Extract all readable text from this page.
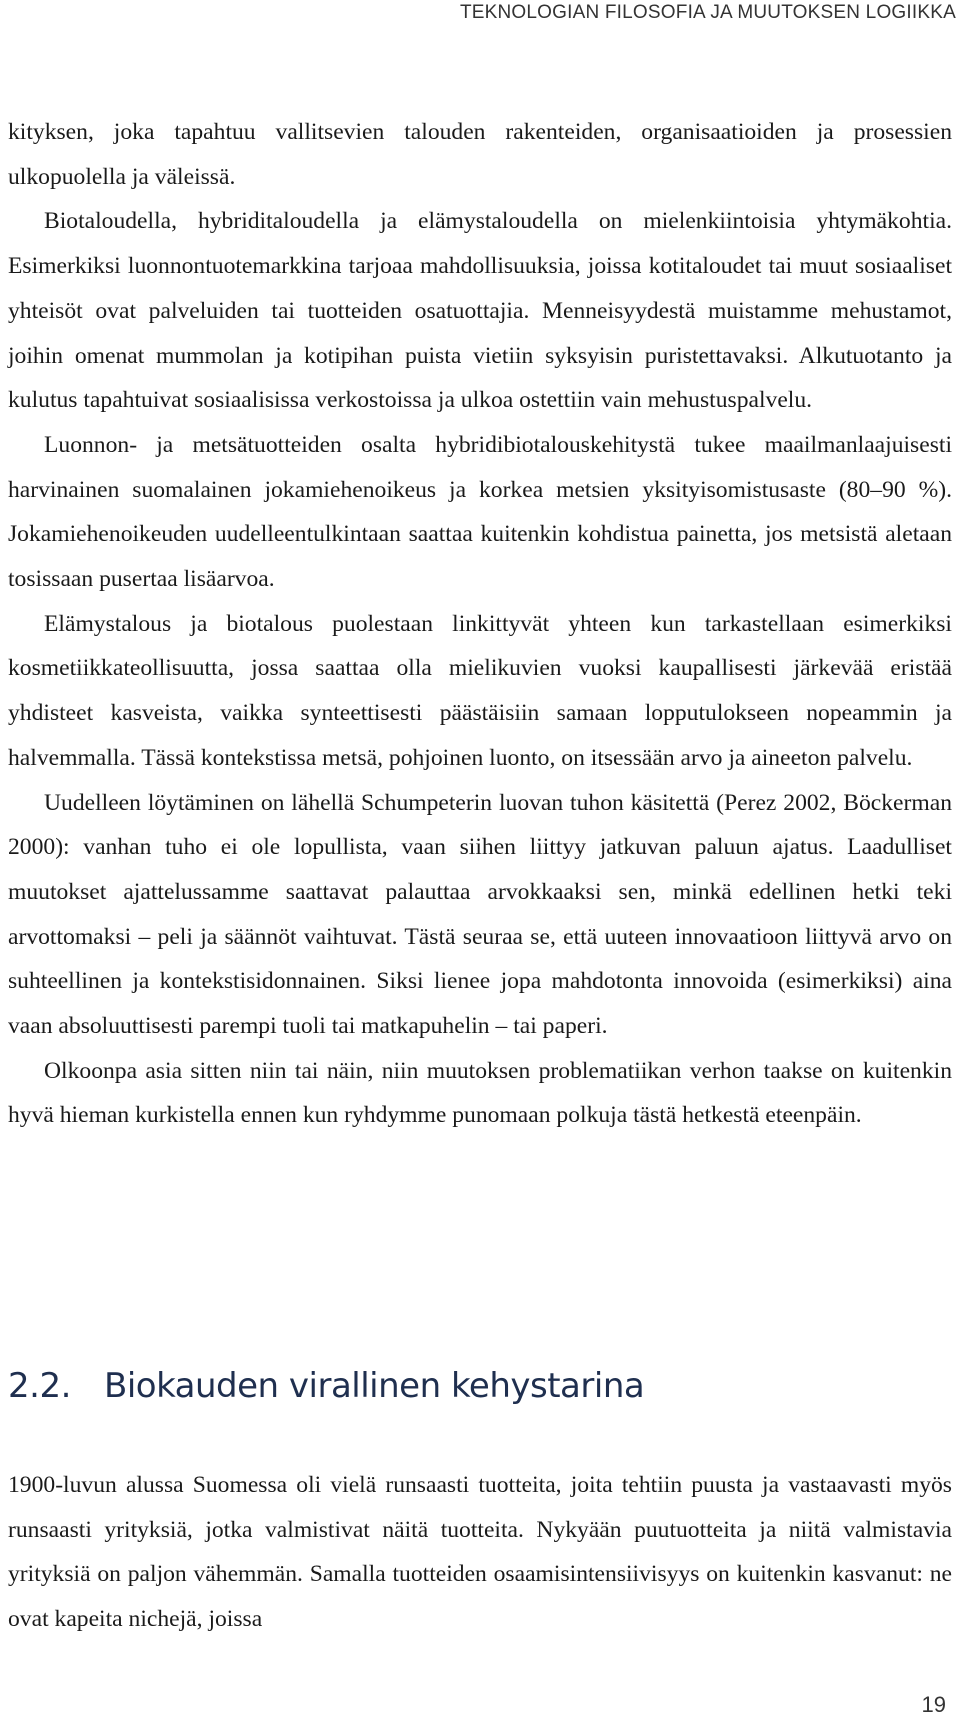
TEKNOLOGIAN FILOSOFIA JA MUUTOKSEN LOGIIKKA

kityksen, joka tapahtuu vallitsevien talouden rakenteiden, organisaatioiden ja prosessien ulkopuolella ja väleissä.

Biotaloudella, hybriditaloudella ja elämystaloudella on mielenkiintoisia yhtymäkohtia. Esimerkiksi luonnontuotemarkkina tarjoaa mahdollisuuksia, joissa kotitaloudet tai muut sosiaaliset yhteisöt ovat palveluiden tai tuotteiden osatuottajia. Menneisyydestä muistamme mehustamot, joihin omenat mummolan ja kotipihan puista vietiin syksyisin puristettavaksi. Alkutuotanto ja kulutus tapahtuivat sosiaalisissa verkostoissa ja ulkoa ostettiin vain mehustuspalvelu.

Luonnon- ja metsätuotteiden osalta hybridibiotalouskehitystä tukee maailmanlaajuisesti harvinainen suomalainen jokamiehenoikeus ja korkea metsien yksityisomistusaste (80–90 %). Jokamiehenoikeuden uudelleentulkintaan saattaa kuitenkin kohdistua painetta, jos metsistä aletaan tosissaan pusertaa lisäarvoa.

Elämystalous ja biotalous puolestaan linkittyvät yhteen kun tarkastellaan esimerkiksi kosmetiikkateollisuutta, jossa saattaa olla mielikuvien vuoksi kaupallisesti järkevää eristää yhdisteet kasveista, vaikka synteettisesti päästäisiin samaan lopputulokseen nopeammin ja halvemmalla. Tässä kontekstissa metsä, pohjoinen luonto, on itsessään arvo ja aineeton palvelu.

Uudelleen löytäminen on lähellä Schumpeterin luovan tuhon käsitettä (Perez 2002, Böckerman 2000): vanhan tuho ei ole lopullista, vaan siihen liittyy jatkuvan paluun ajatus. Laadulliset muutokset ajattelussamme saattavat palauttaa arvokkaaksi sen, minkä edellinen hetki teki arvottomaksi – peli ja säännöt vaihtuvat. Tästä seuraa se, että uuteen innovaatioon liittyvä arvo on suhteellinen ja kontekstisidonnainen. Siksi lienee jopa mahdotonta innovoida (esimerkiksi) aina vaan absoluuttisesti parempi tuoli tai matkapuhelin – tai paperi.

Olkoonpa asia sitten niin tai näin, niin muutoksen problematiikan verhon taakse on kuitenkin hyvä hieman kurkistella ennen kun ryhdymme punomaan polkuja tästä hetkestä eteenpäin.

2.2. Biokauden virallinen kehystarina

1900-luvun alussa Suomessa oli vielä runsaasti tuotteita, joita tehtiin puusta ja vastaavasti myös runsaasti yrityksiä, jotka valmistivat näitä tuotteita. Nykyään puutuotteita ja niitä valmistavia yrityksiä on paljon vähemmän. Samalla tuotteiden osaamisintensiivisyys on kuitenkin kasvanut: ne ovat kapeita nichejä, joissa

19
